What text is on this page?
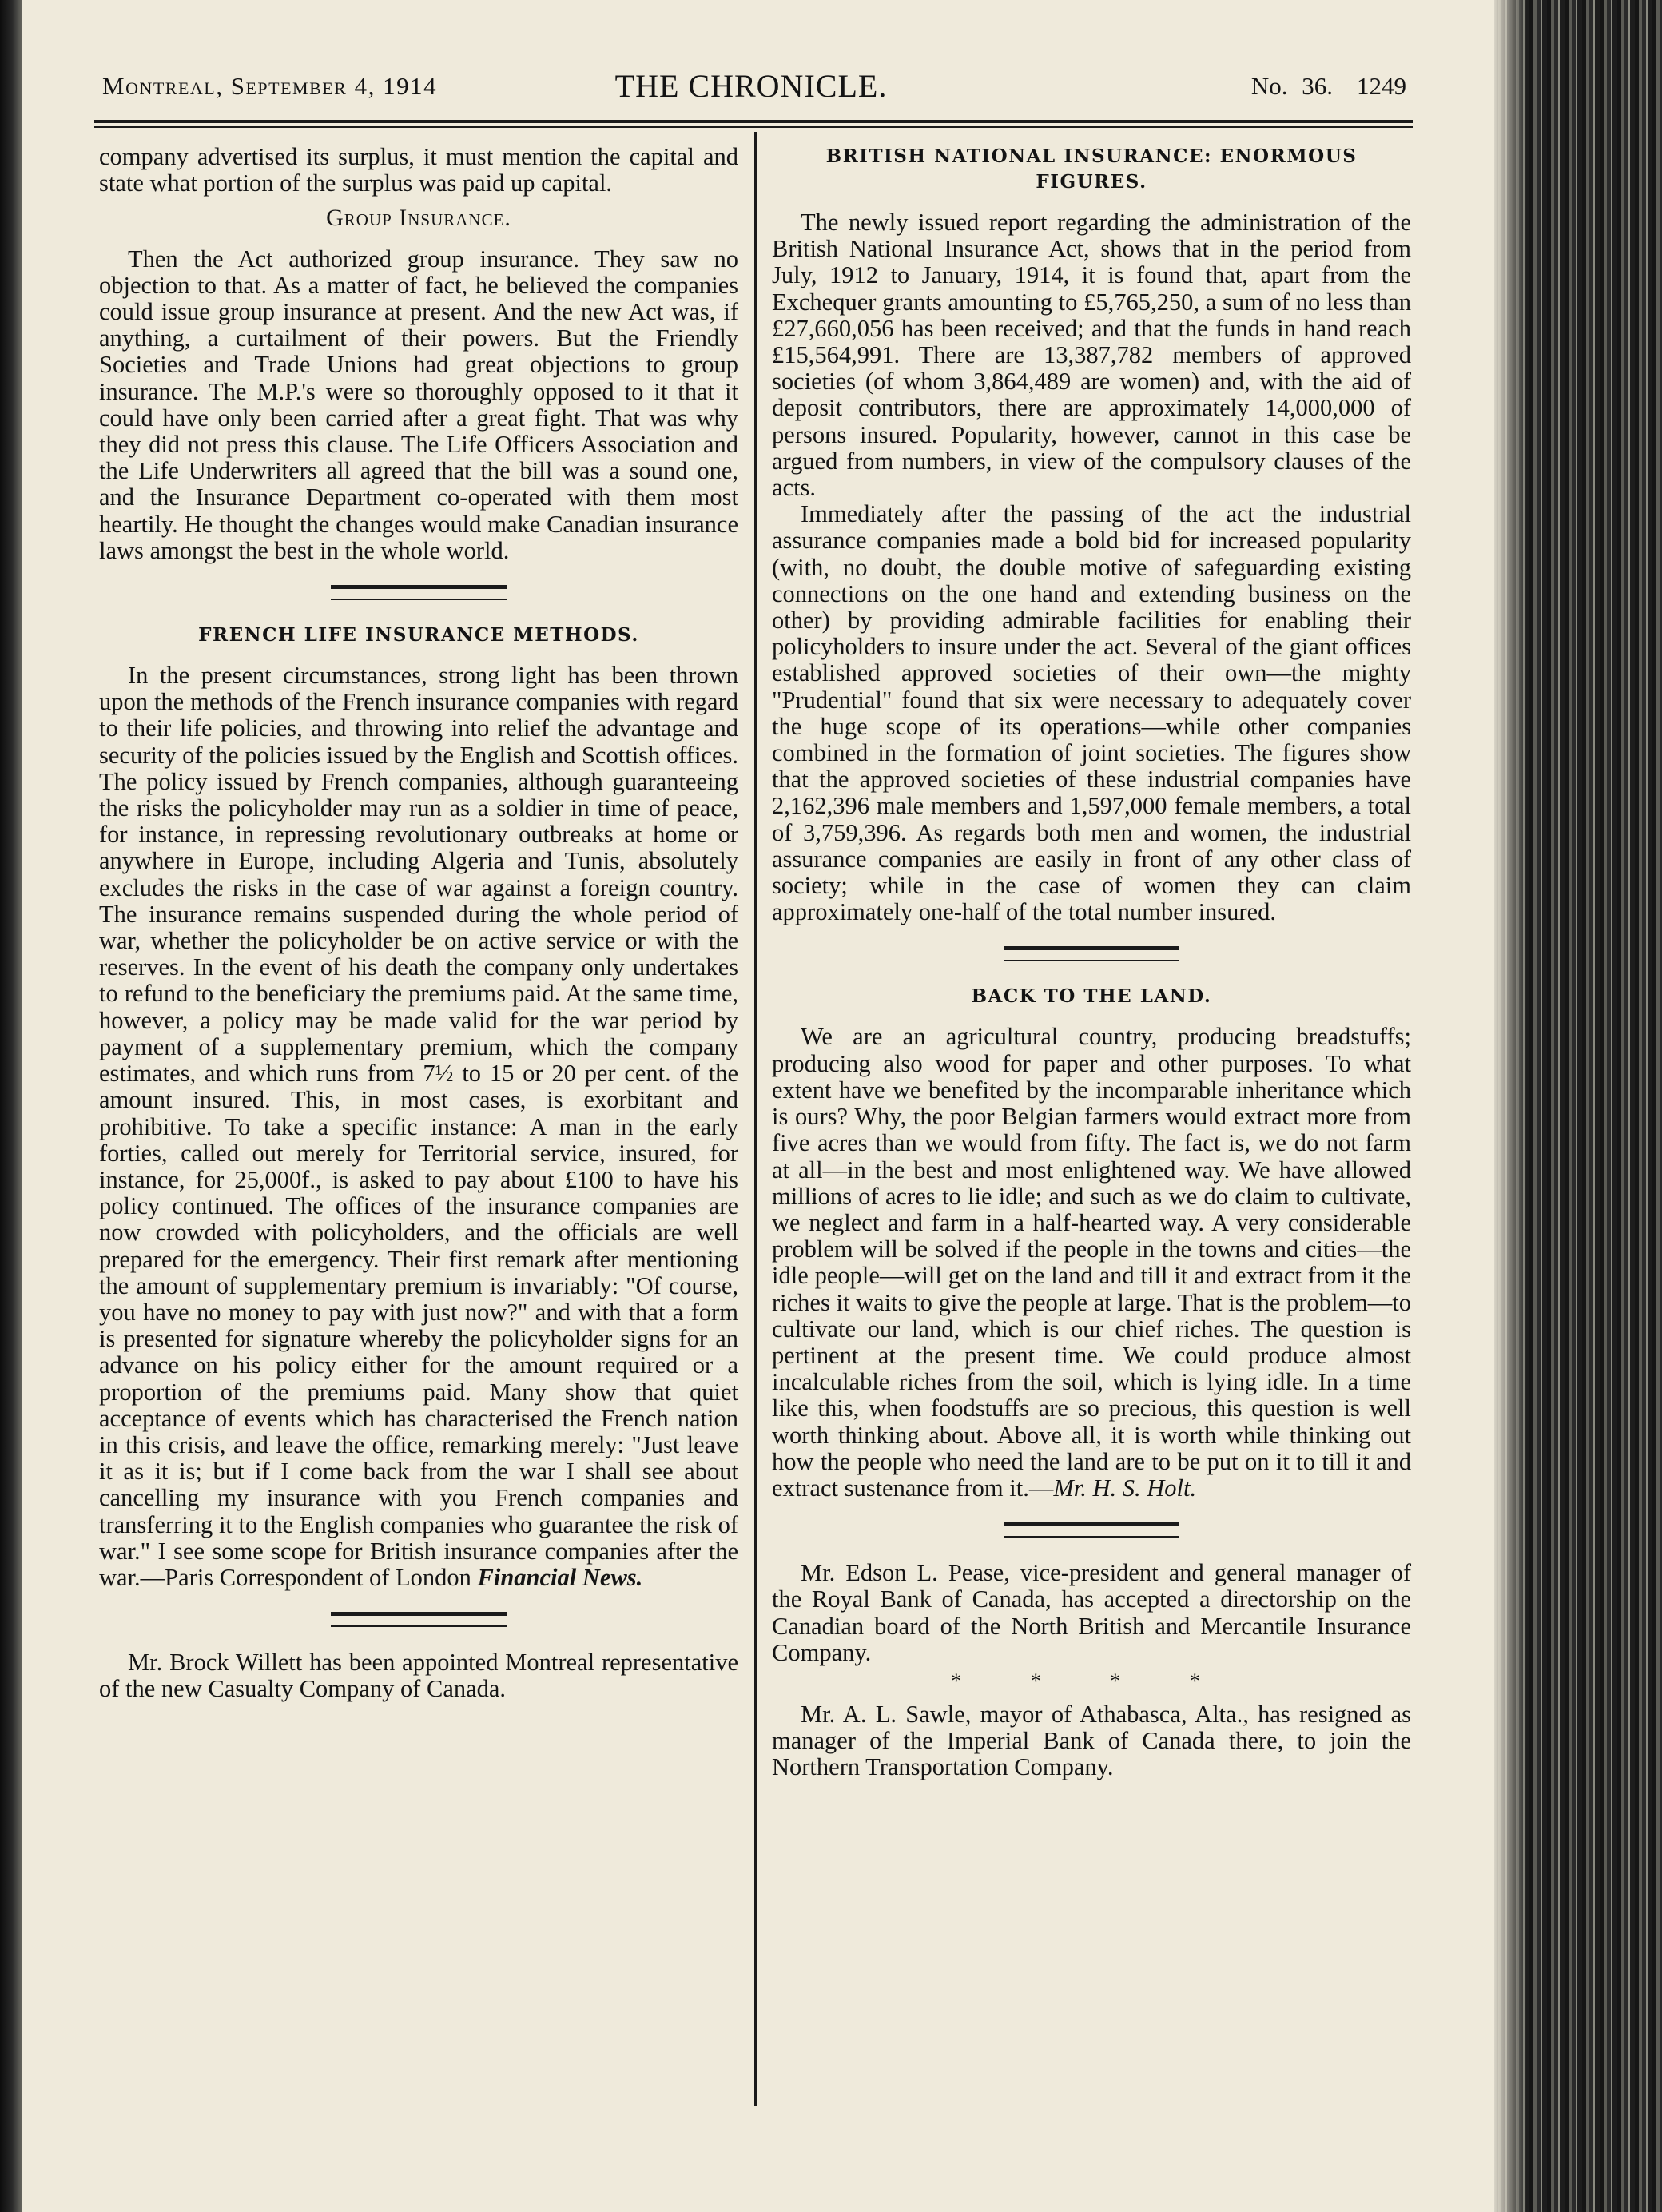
Montreal, September 4, 1914	THE CHRONICLE.	No. 36. 1249

company advertised its surplus, it must mention the capital and state what portion of the surplus was paid up capital.

Group Insurance.

Then the Act authorized group insurance. They saw no objection to that. As a matter of fact, he believed the companies could issue group insurance at present. And the new Act was, if anything, a curtailment of their powers. But the Friendly Societies and Trade Unions had great objections to group insurance. The M.P.'s were so thoroughly opposed to it that it could have only been carried after a great fight. That was why they did not press this clause. The Life Officers Association and the Life Underwriters all agreed that the bill was a sound one, and the Insurance Department co-operated with them most heartily. He thought the changes would make Canadian insurance laws amongst the best in the whole world.

FRENCH LIFE INSURANCE METHODS.

In the present circumstances, strong light has been thrown upon the methods of the French insurance companies with regard to their life policies, and throwing into relief the advantage and security of the policies issued by the English and Scottish offices. The policy issued by French companies, although guaranteeing the risks the policyholder may run as a soldier in time of peace, for instance, in repressing revolutionary outbreaks at home or anywhere in Europe, including Algeria and Tunis, absolutely excludes the risks in the case of war against a foreign country. The insurance remains suspended during the whole period of war, whether the policyholder be on active service or with the reserves. In the event of his death the company only undertakes to refund to the beneficiary the premiums paid. At the same time, however, a policy may be made valid for the war period by payment of a supplementary premium, which the company estimates, and which runs from 7½ to 15 or 20 per cent. of the amount insured. This, in most cases, is exorbitant and prohibitive. To take a specific instance: A man in the early forties, called out merely for Territorial service, insured, for instance, for 25,000f., is asked to pay about £100 to have his policy continued. The offices of the insurance companies are now crowded with policyholders, and the officials are well prepared for the emergency. Their first remark after mentioning the amount of supplementary premium is invariably: "Of course, you have no money to pay with just now?" and with that a form is presented for signature whereby the policyholder signs for an advance on his policy either for the amount required or a proportion of the premiums paid. Many show that quiet acceptance of events which has characterised the French nation in this crisis, and leave the office, remarking merely: "Just leave it as it is; but if I come back from the war I shall see about cancelling my insurance with you French companies and transferring it to the English companies who guarantee the risk of war." I see some scope for British insurance companies after the war.—Paris Correspondent of London Financial News.

Mr. Brock Willett has been appointed Montreal representative of the new Casualty Company of Canada.

BRITISH NATIONAL INSURANCE: ENORMOUS FIGURES.

The newly issued report regarding the administration of the British National Insurance Act, shows that in the period from July, 1912 to January, 1914, it is found that, apart from the Exchequer grants amounting to £5,765,250, a sum of no less than £27,660,056 has been received; and that the funds in hand reach £15,564,991. There are 13,387,782 members of approved societies (of whom 3,864,489 are women) and, with the aid of deposit contributors, there are approximately 14,000,000 of persons insured. Popularity, however, cannot in this case be argued from numbers, in view of the compulsory clauses of the acts.

Immediately after the passing of the act the industrial assurance companies made a bold bid for increased popularity (with, no doubt, the double motive of safeguarding existing connections on the one hand and extending business on the other) by providing admirable facilities for enabling their policyholders to insure under the act. Several of the giant offices established approved societies of their own—the mighty "Prudential" found that six were necessary to adequately cover the huge scope of its operations—while other companies combined in the formation of joint societies. The figures show that the approved societies of these industrial companies have 2,162,396 male members and 1,597,000 female members, a total of 3,759,396. As regards both men and women, the industrial assurance companies are easily in front of any other class of society; while in the case of women they can claim approximately one-half of the total number insured.

BACK TO THE LAND.

We are an agricultural country, producing breadstuffs; producing also wood for paper and other purposes. To what extent have we benefited by the incomparable inheritance which is ours? Why, the poor Belgian farmers would extract more from five acres than we would from fifty. The fact is, we do not farm at all—in the best and most enlightened way. We have allowed millions of acres to lie idle; and such as we do claim to cultivate, we neglect and farm in a half-hearted way. A very considerable problem will be solved if the people in the towns and cities—the idle people—will get on the land and till it and extract from it the riches it waits to give the people at large. That is the problem—to cultivate our land, which is our chief riches. The question is pertinent at the present time. We could produce almost incalculable riches from the soil, which is lying idle. In a time like this, when foodstuffs are so precious, this question is well worth thinking about. Above all, it is worth while thinking out how the people who need the land are to be put on it to till it and extract sustenance from it.—Mr. H. S. Holt.

Mr. Edson L. Pease, vice-president and general manager of the Royal Bank of Canada, has accepted a directorship on the Canadian board of the North British and Mercantile Insurance Company.

* * * *

Mr. A. L. Sawle, mayor of Athabasca, Alta., has resigned as manager of the Imperial Bank of Canada there, to join the Northern Transportation Company.
